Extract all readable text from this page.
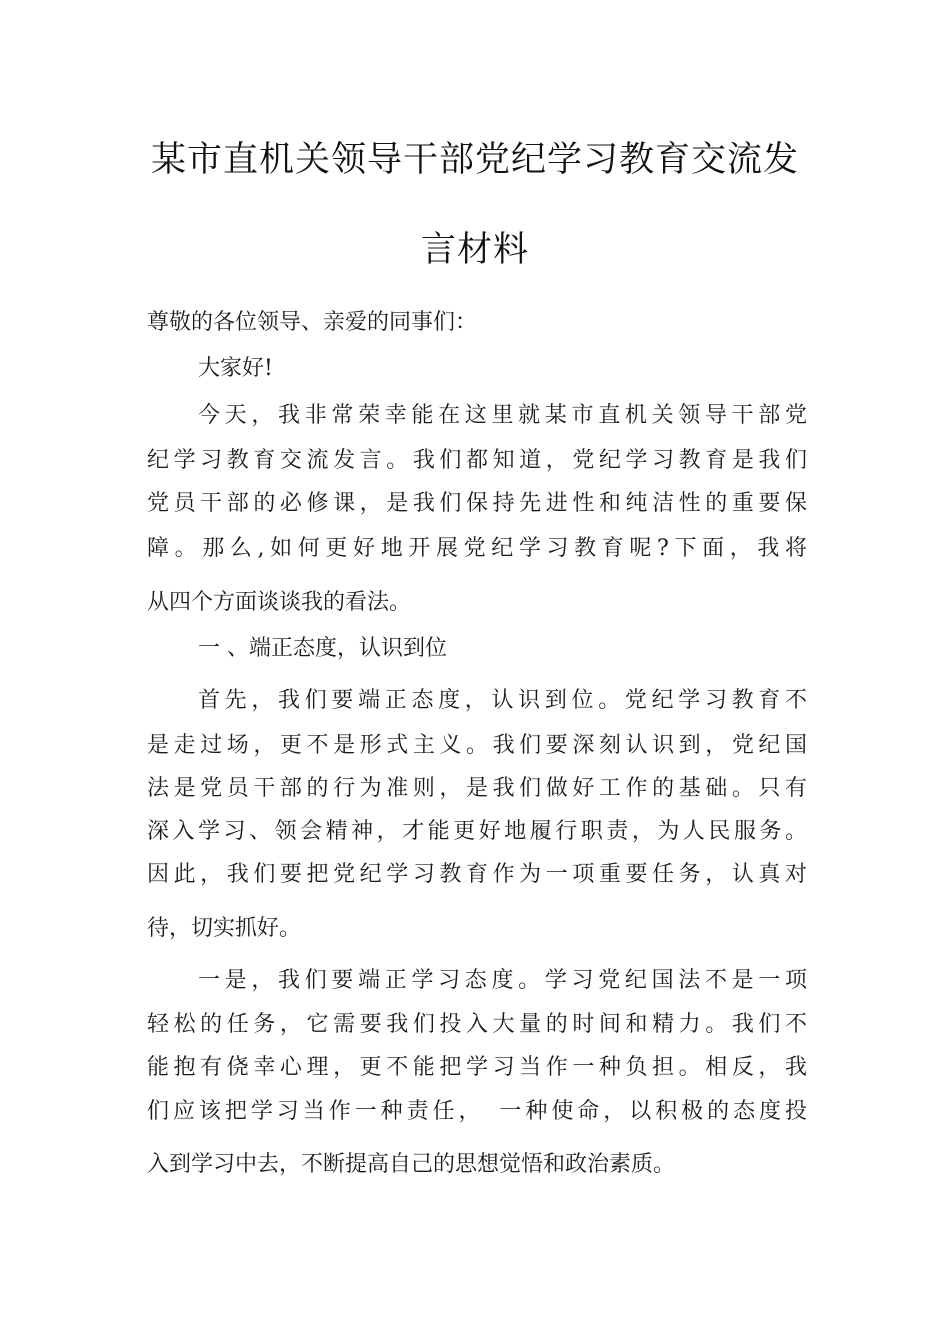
某市直机关领导干部党纪学习教育交流发
言材料
尊敬的各位领导、亲爱的同事们：
大家好!
今天，我非常荣幸能在这里就某市直机关领导干部党
纪学习教育交流发言。我们都知道，党纪学习教育是我们
党员干部的必修课，是我们保持先进性和纯洁性的重要保
障。那么,如何更好地开展党纪学习教育呢?下面，我将
从四个方面谈谈我的看法。
一 、端正态度，认识到位
首先，我们要端正态度，认识到位。党纪学习教育不
是走过场，更不是形式主义。我们要深刻认识到，党纪国
法是党员干部的行为准则，是我们做好工作的基础。只有
深入学习、领会精神，才能更好地履行职责，为人民服务。
因此，我们要把党纪学习教育作为一项重要任务，认真对
待，切实抓好。
一是，我们要端正学习态度。学习党纪国法不是一项
轻松的任务，它需要我们投入大量的时间和精力。我们不
能抱有侥幸心理，更不能把学习当作一种负担。相反，我
们应该把学习当作一种责任，　一种使命，以积极的态度投
入到学习中去，不断提高自己的思想觉悟和政治素质。
